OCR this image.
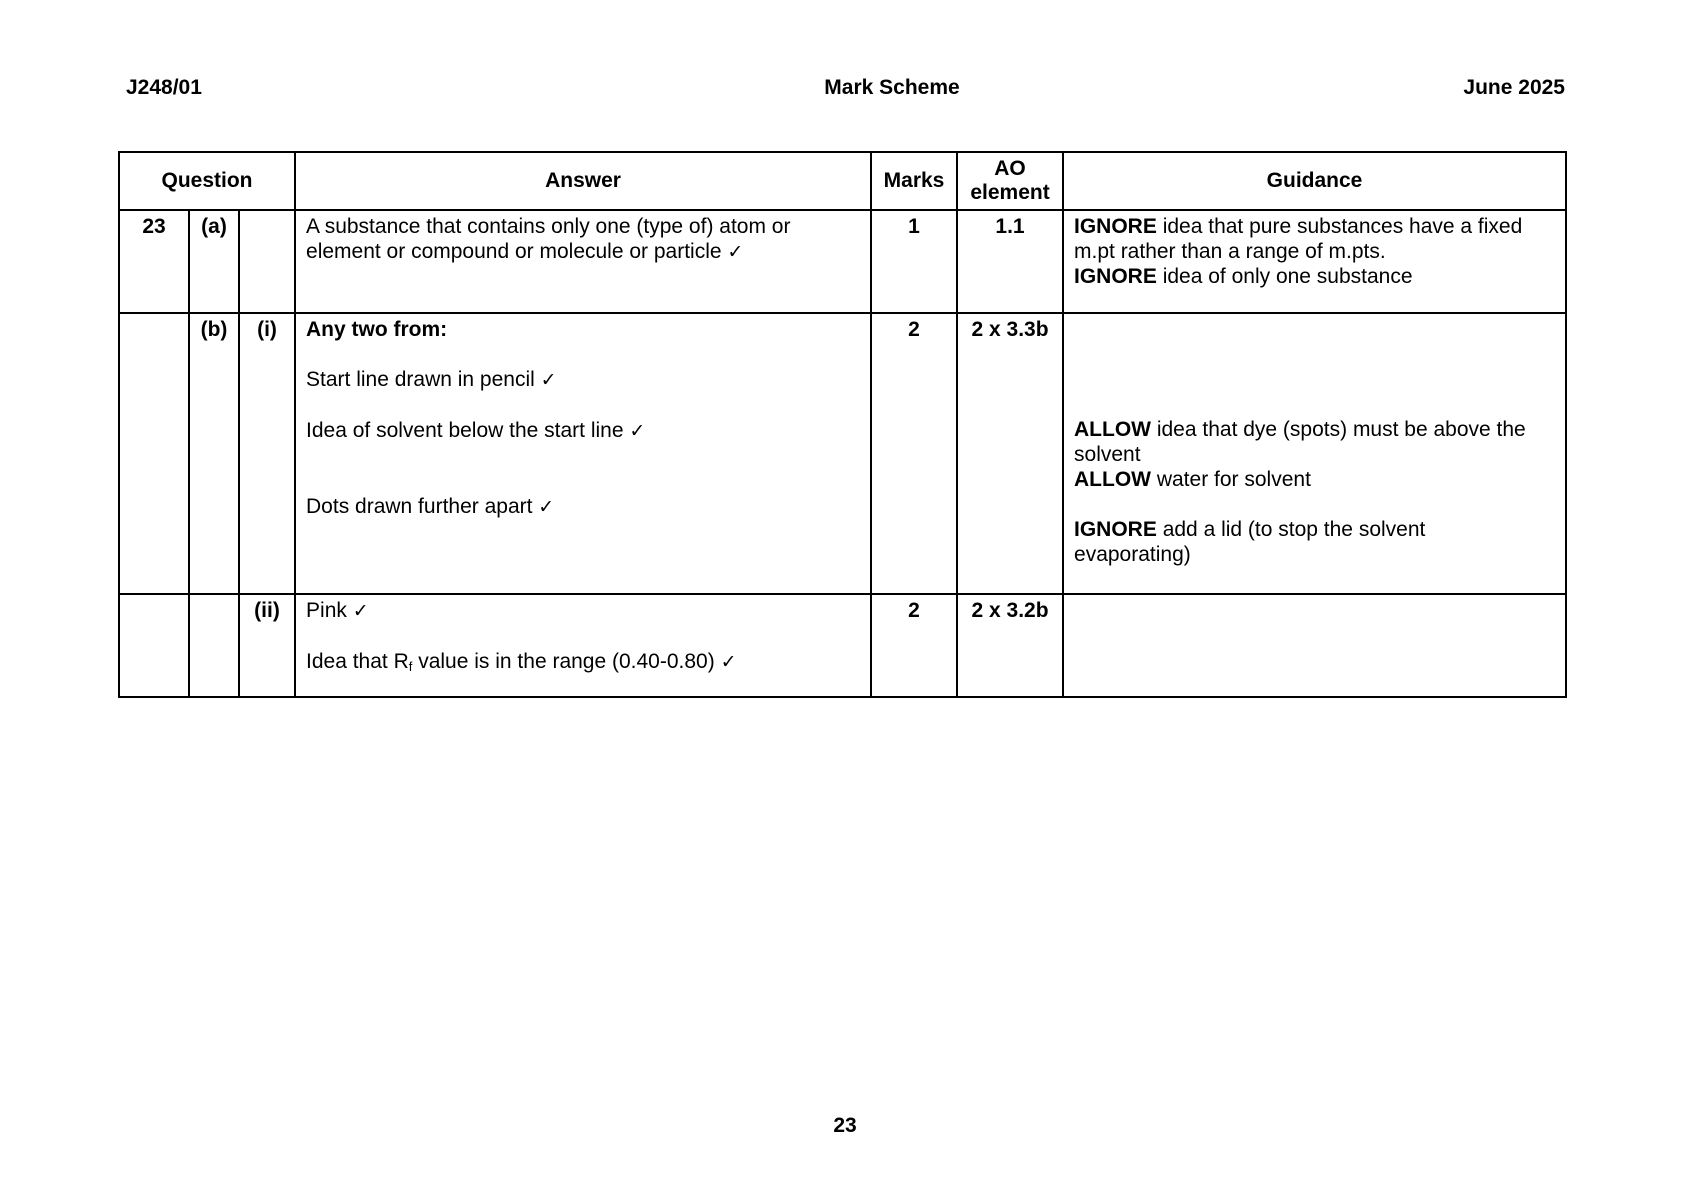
J248/01	Mark Scheme	June 2025
Question			Answer	Marks	AO
element	Guidance
23	(a)		A substance that contains only one (type of) atom or
element or compound or molecule or particle ✓	1	1.1	IGNORE idea that pure substances have a fixed
m.pt rather than a range of m.pts.
IGNORE idea of only one substance

	(b)	(i)	Any two from:
Start line drawn in pencil ✓
Idea of solvent below the start line ✓
Dots drawn further apart ✓	2	2 x 3.3b	ALLOW idea that dye (spots) must be above the
solvent
ALLOW water for solvent
IGNORE add a lid (to stop the solvent
evaporating)

		(ii)	Pink ✓
Idea that $R_f$ value is in the range (0.40-0.80) ✓	2	2 x 3.2b	
23
